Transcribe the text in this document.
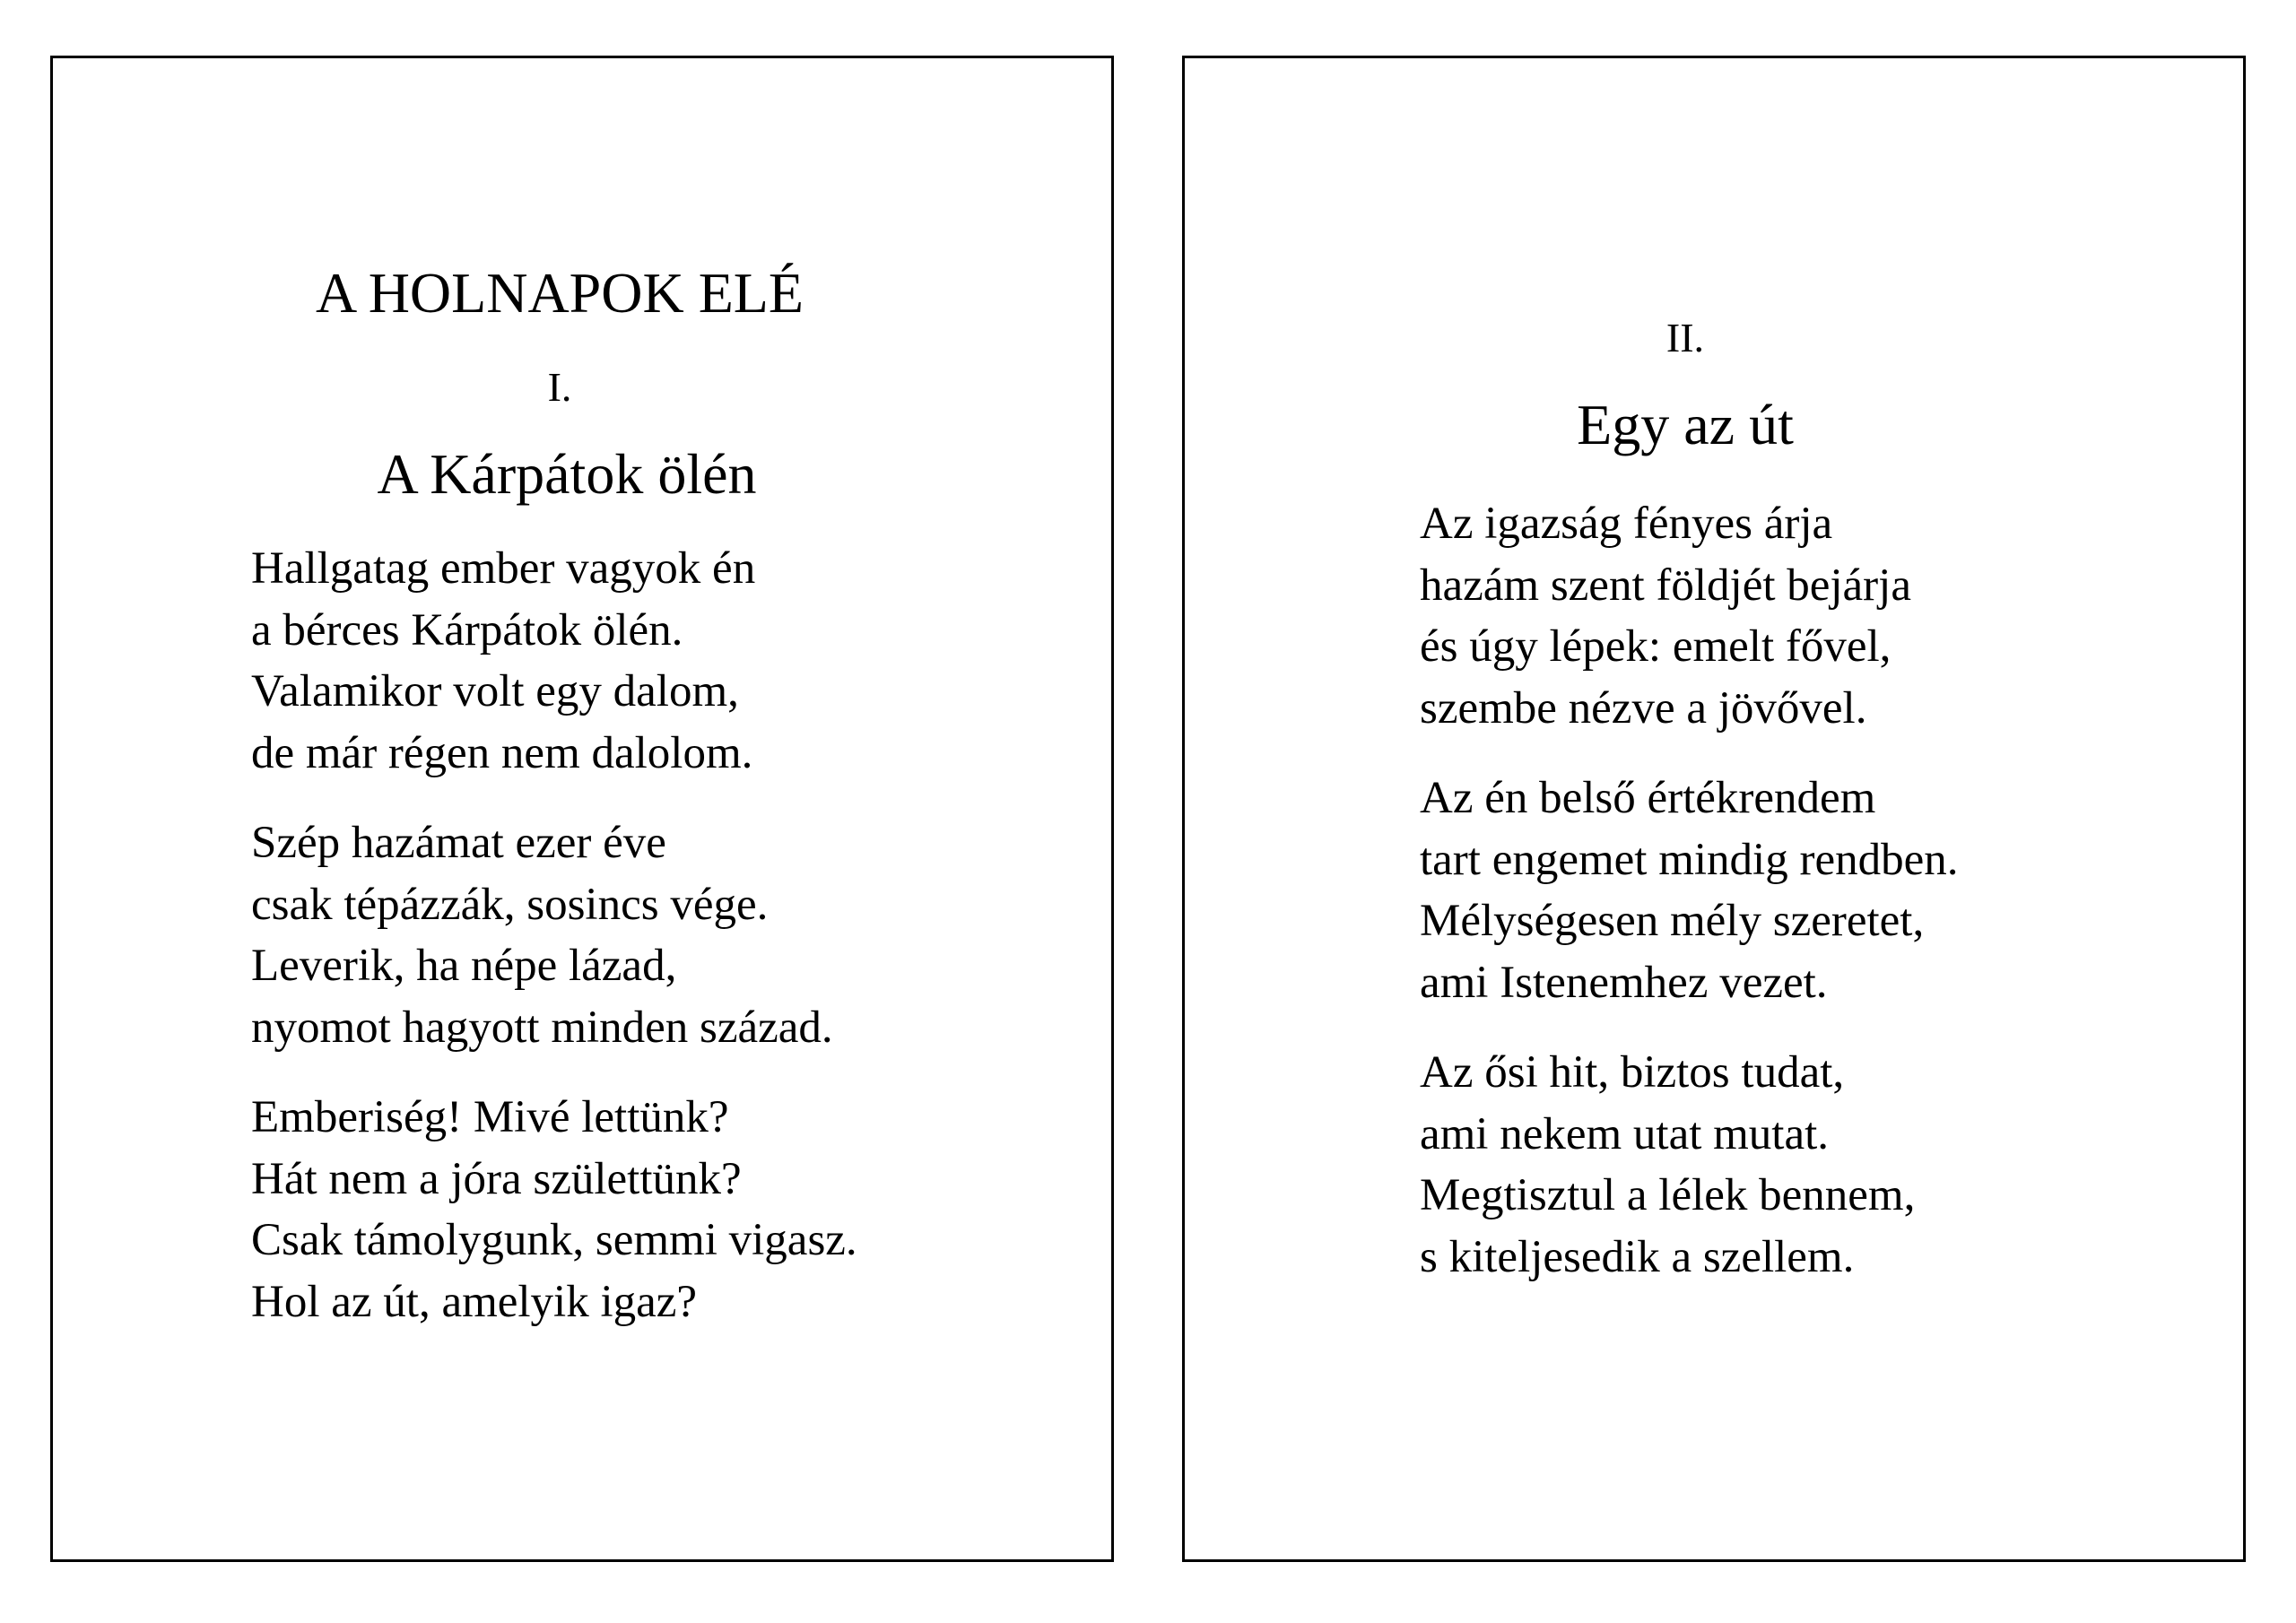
A HOLNAPOK ELÉ
I.
A Kárpátok ölén
Hallgatag ember vagyok én
a bérces Kárpátok ölén.
Valamikor volt egy dalom,
de már régen nem dalolom.
Szép hazámat ezer éve
csak tépázzák, sosincs vége.
Leverik, ha népe lázad,
nyomot hagyott minden század.
Emberiség! Mivé lettünk?
Hát nem a jóra születtünk?
Csak támolygunk, semmi vigasz.
Hol az út, amelyik igaz?
II.
Egy az út
Az igazság fényes árja
hazám szent földjét bejárja
és úgy lépek: emelt fővel,
szembe nézve a jövővel.
Az én belső értékrendem
tart engemet mindig rendben.
Mélységesen mély szeretet,
ami Istenemhez vezet.
Az ősi hit, biztos tudat,
ami nekem utat mutat.
Megtisztul a lélek bennem,
s kiteljesedik a szellem.
